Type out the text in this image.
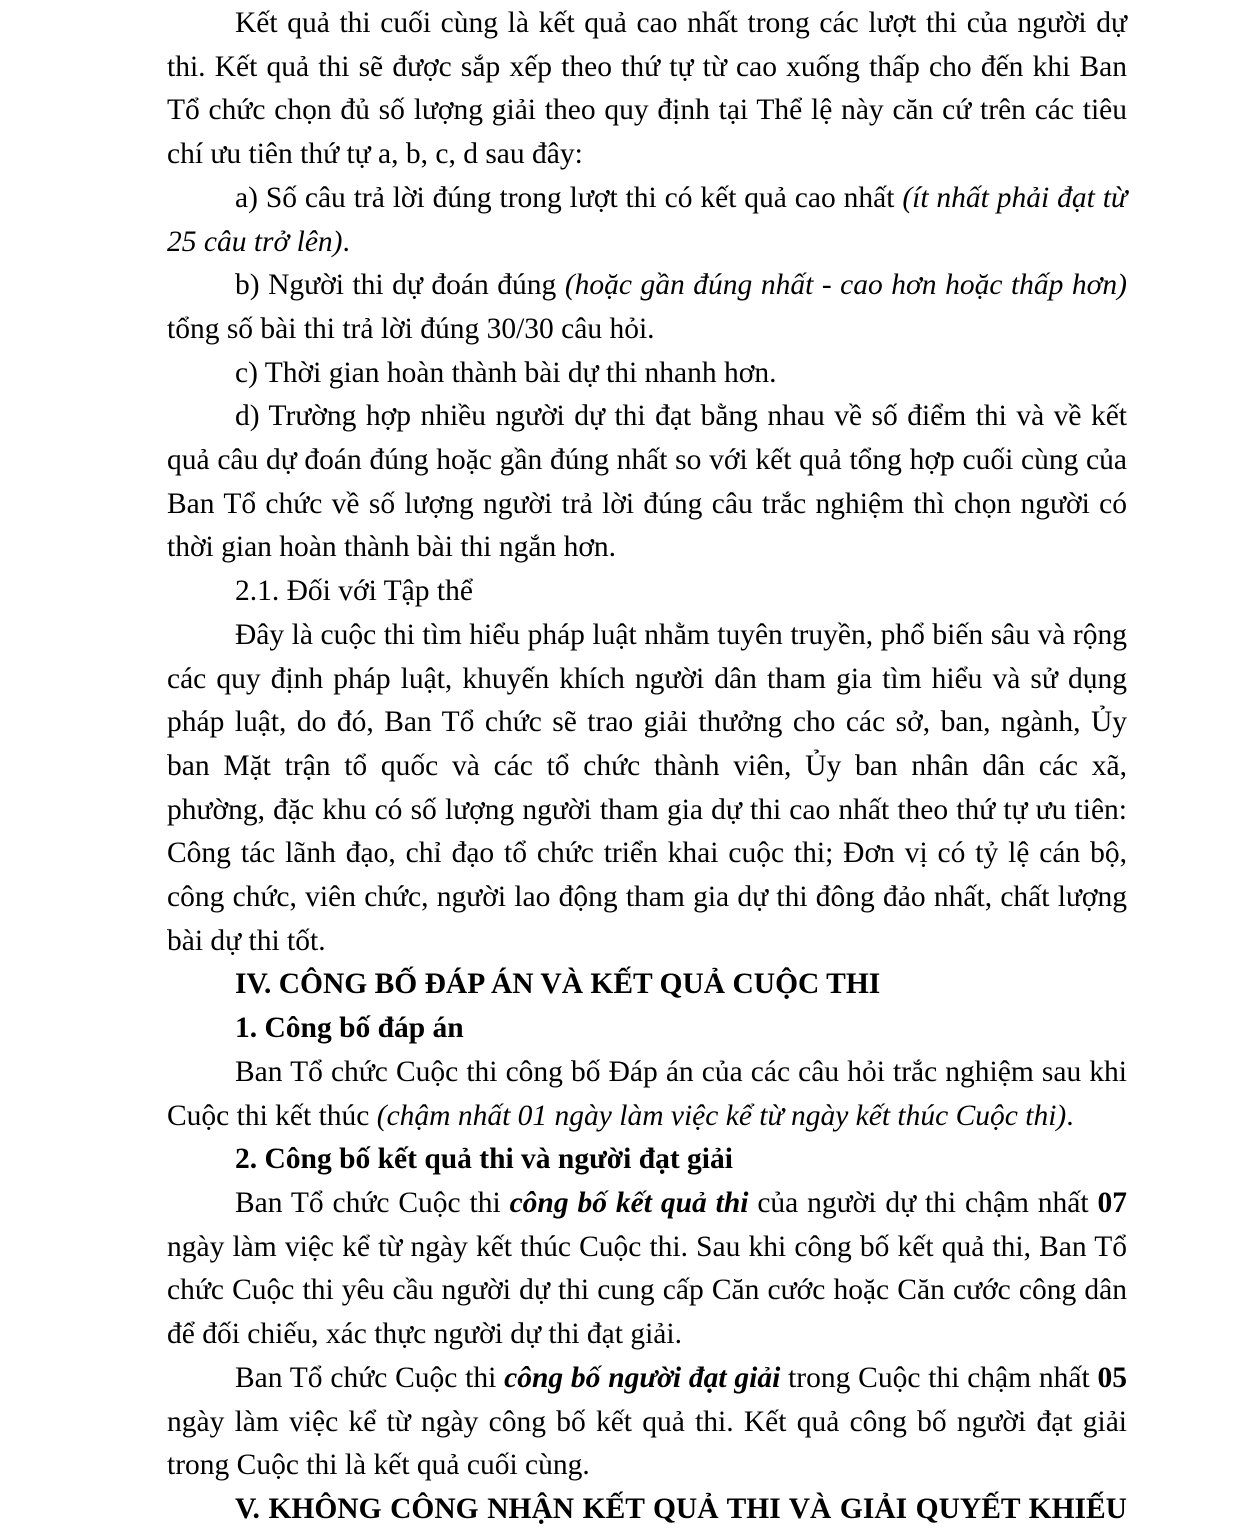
Kết quả thi cuối cùng là kết quả cao nhất trong các lượt thi của người dự thi. Kết quả thi sẽ được sắp xếp theo thứ tự từ cao xuống thấp cho đến khi Ban Tổ chức chọn đủ số lượng giải theo quy định tại Thể lệ này căn cứ trên các tiêu chí ưu tiên thứ tự a, b, c, d sau đây:

a) Số câu trả lời đúng trong lượt thi có kết quả cao nhất (ít nhất phải đạt từ 25 câu trở lên).

b) Người thi dự đoán đúng (hoặc gần đúng nhất - cao hơn hoặc thấp hơn) tổng số bài thi trả lời đúng 30/30 câu hỏi.

c) Thời gian hoàn thành bài dự thi nhanh hơn.

d) Trường hợp nhiều người dự thi đạt bằng nhau về số điểm thi và về kết quả câu dự đoán đúng hoặc gần đúng nhất so với kết quả tổng hợp cuối cùng của Ban Tổ chức về số lượng người trả lời đúng câu trắc nghiệm thì chọn người có thời gian hoàn thành bài thi ngắn hơn.

2.1. Đối với Tập thể

Đây là cuộc thi tìm hiểu pháp luật nhằm tuyên truyền, phổ biến sâu và rộng các quy định pháp luật, khuyến khích người dân tham gia tìm hiểu và sử dụng pháp luật, do đó, Ban Tổ chức sẽ trao giải thưởng cho các sở, ban, ngành, Ủy ban Mặt trận tổ quốc và các tổ chức thành viên, Ủy ban nhân dân các xã, phường, đặc khu có số lượng người tham gia dự thi cao nhất theo thứ tự ưu tiên: Công tác lãnh đạo, chỉ đạo tổ chức triển khai cuộc thi; Đơn vị có tỷ lệ cán bộ, công chức, viên chức, người lao động tham gia dự thi đông đảo nhất, chất lượng bài dự thi tốt.

IV. CÔNG BỐ ĐÁP ÁN VÀ KẾT QUẢ CUỘC THI

1. Công bố đáp án

Ban Tổ chức Cuộc thi công bố Đáp án của các câu hỏi trắc nghiệm sau khi Cuộc thi kết thúc (chậm nhất 01 ngày làm việc kể từ ngày kết thúc Cuộc thi).

2. Công bố kết quả thi và người đạt giải

Ban Tổ chức Cuộc thi công bố kết quả thi của người dự thi chậm nhất 07 ngày làm việc kể từ ngày kết thúc Cuộc thi. Sau khi công bố kết quả thi, Ban Tổ chức Cuộc thi yêu cầu người dự thi cung cấp Căn cước hoặc Căn cước công dân để đối chiếu, xác thực người dự thi đạt giải.

Ban Tổ chức Cuộc thi công bố người đạt giải trong Cuộc thi chậm nhất 05 ngày làm việc kể từ ngày công bố kết quả thi. Kết quả công bố người đạt giải trong Cuộc thi là kết quả cuối cùng.

V. KHÔNG CÔNG NHẬN KẾT QUẢ THI VÀ GIẢI QUYẾT KHIẾU
